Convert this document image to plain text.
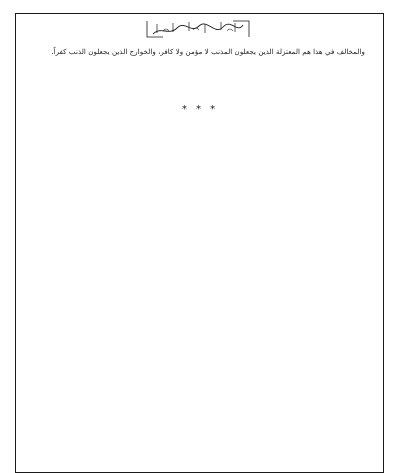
والمخالف في هذا هم المعتزلة الذين يجعلون المذنب لا مؤمن ولا كافر، والخوارج الذين يجعلون الذنب كفراً.

* * *
